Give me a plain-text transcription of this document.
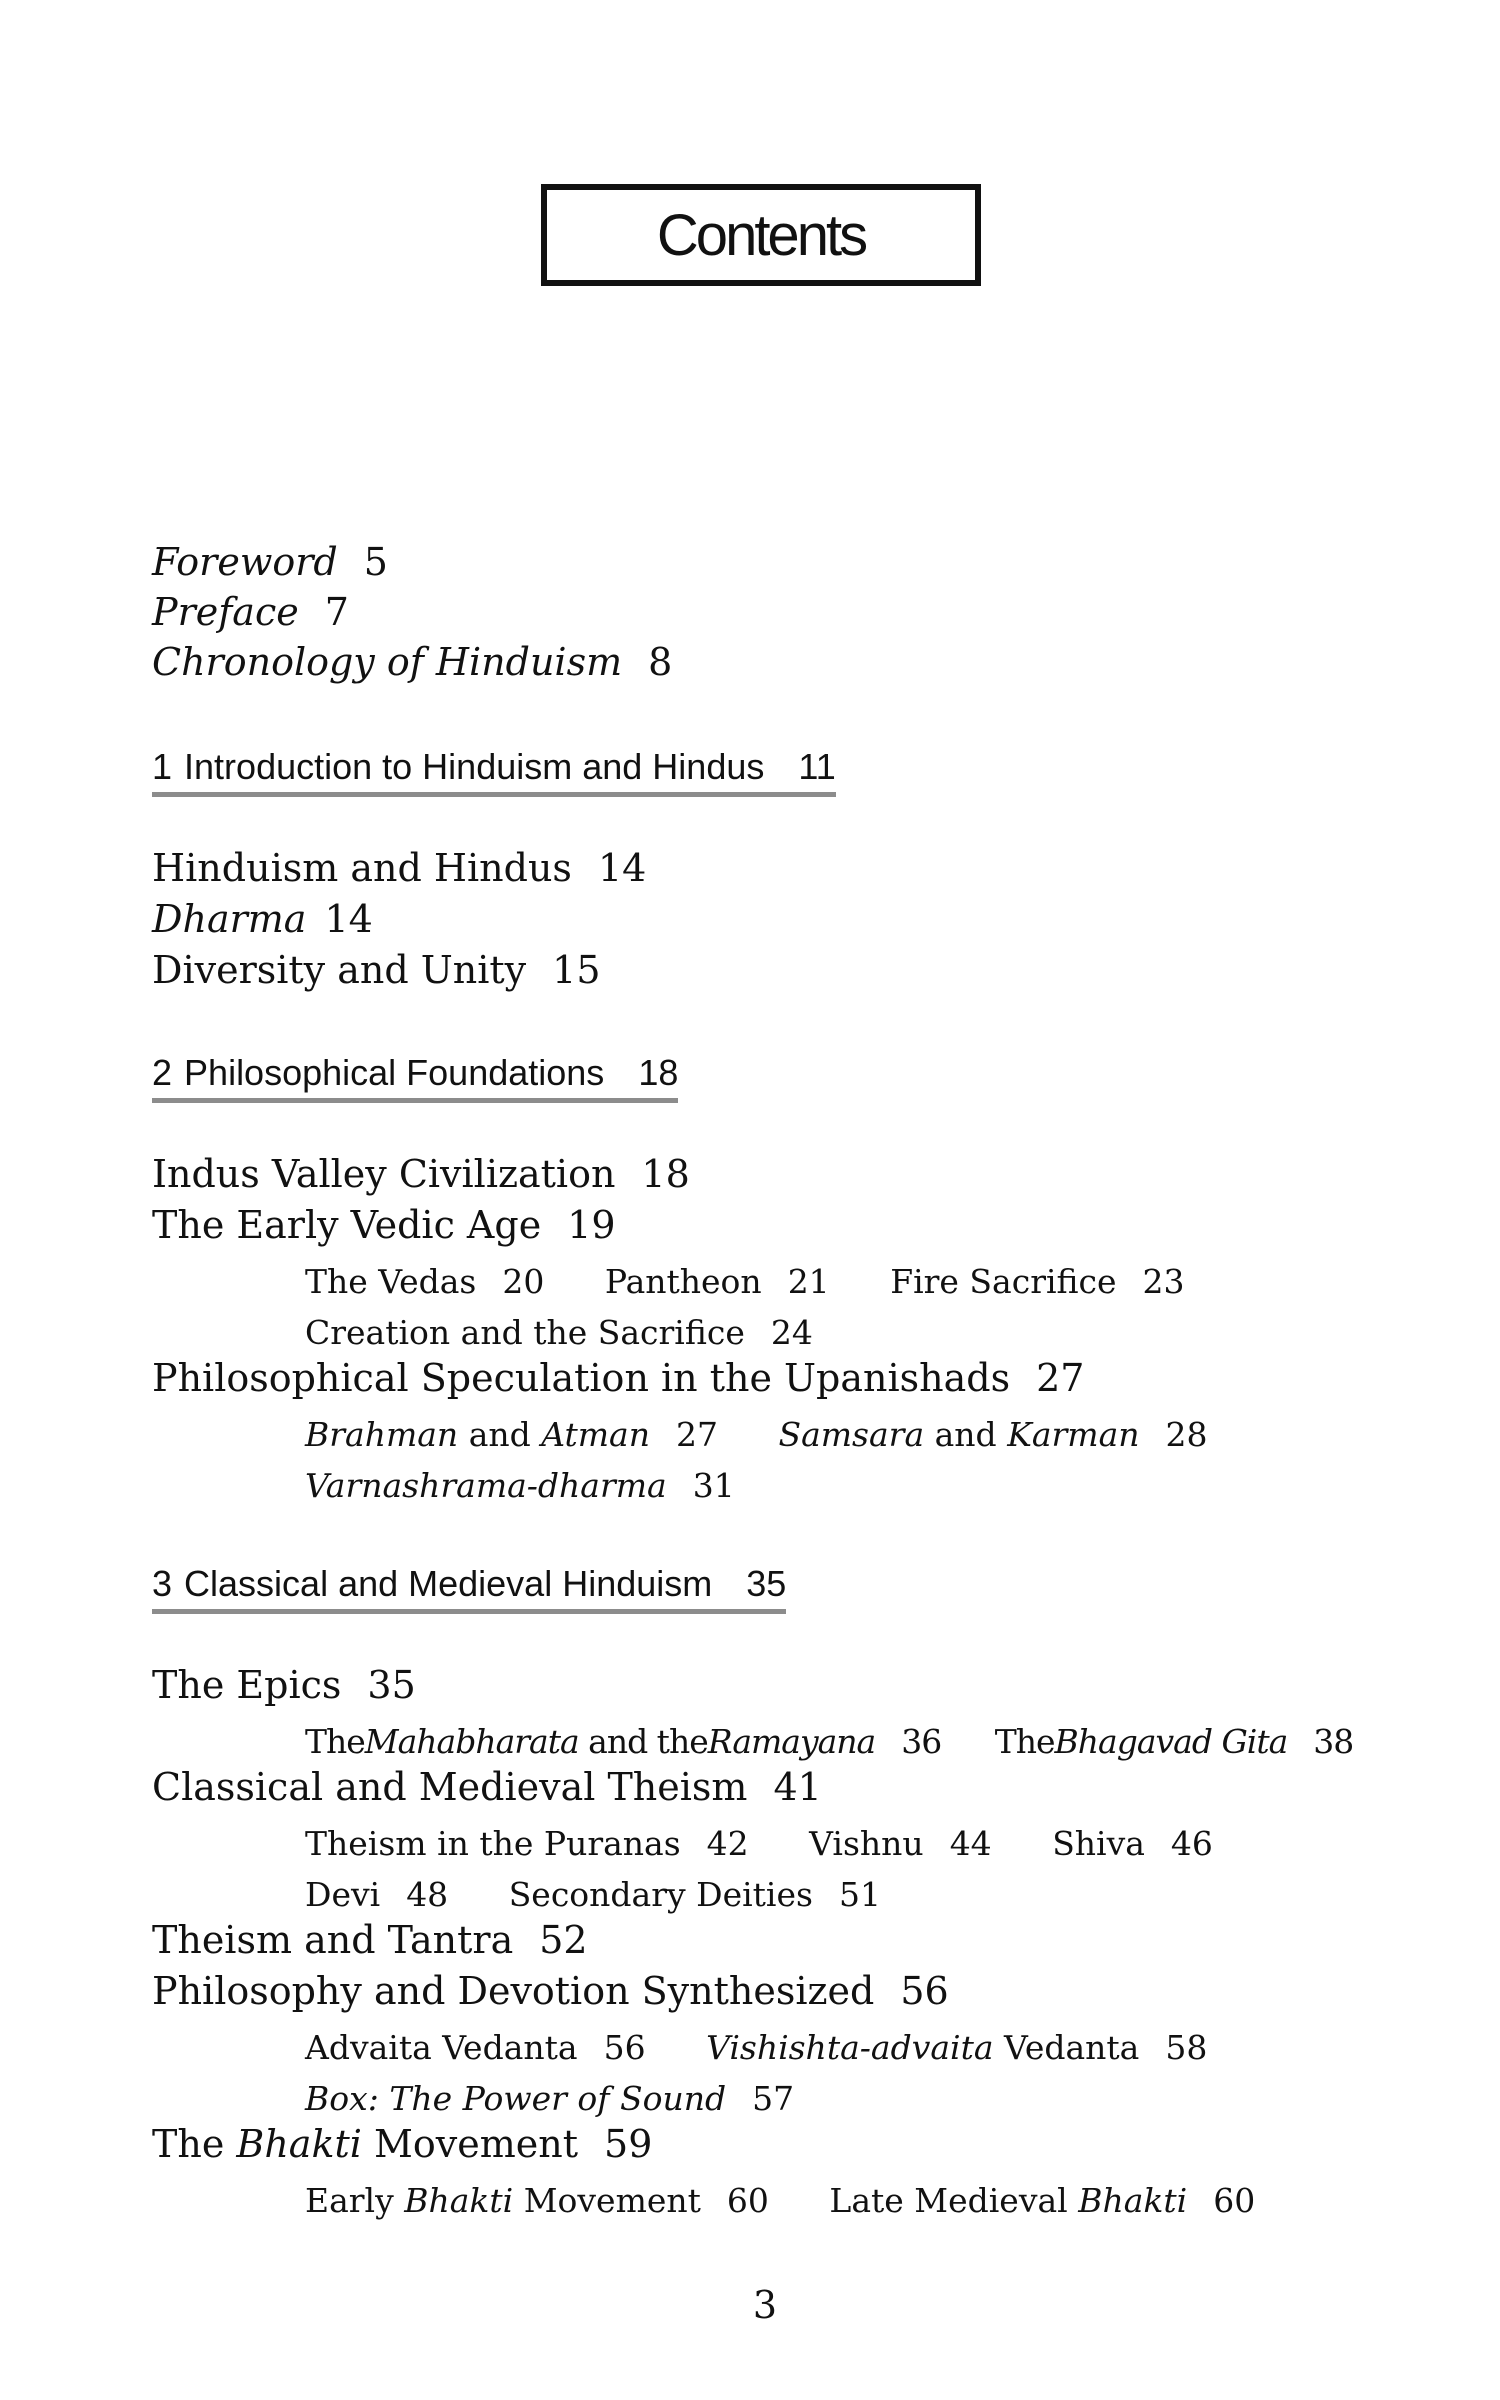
Contents
Foreword 5
Preface 7
Chronology of Hinduism 8
1 Introduction to Hinduism and Hindus 11
Hinduism and Hindus 14
Dharma 14
Diversity and Unity 15
2 Philosophical Foundations 18
Indus Valley Civilization 18
The Early Vedic Age 19
The Vedas 20 Pantheon 21 Fire Sacrifice 23
Creation and the Sacrifice 24
Philosophical Speculation in the Upanishads 27
Brahman and Atman 27 Samsara and Karman 28
Varnashrama-dharma 31
3 Classical and Medieval Hinduism 35
The Epics 35
TheMahabharata and theRamayana 36 TheBhagavad Gita 38
Classical and Medieval Theism 41
Theism in the Puranas 42 Vishnu 44 Shiva 46
Devi 48 Secondary Deities 51
Theism and Tantra 52
Philosophy and Devotion Synthesized 56
Advaita Vedanta 56 Vishishta-advaita Vedanta 58
Box: The Power of Sound 57
The Bhakti Movement 59
Early Bhakti Movement 60 Late Medieval Bhakti 60
3
